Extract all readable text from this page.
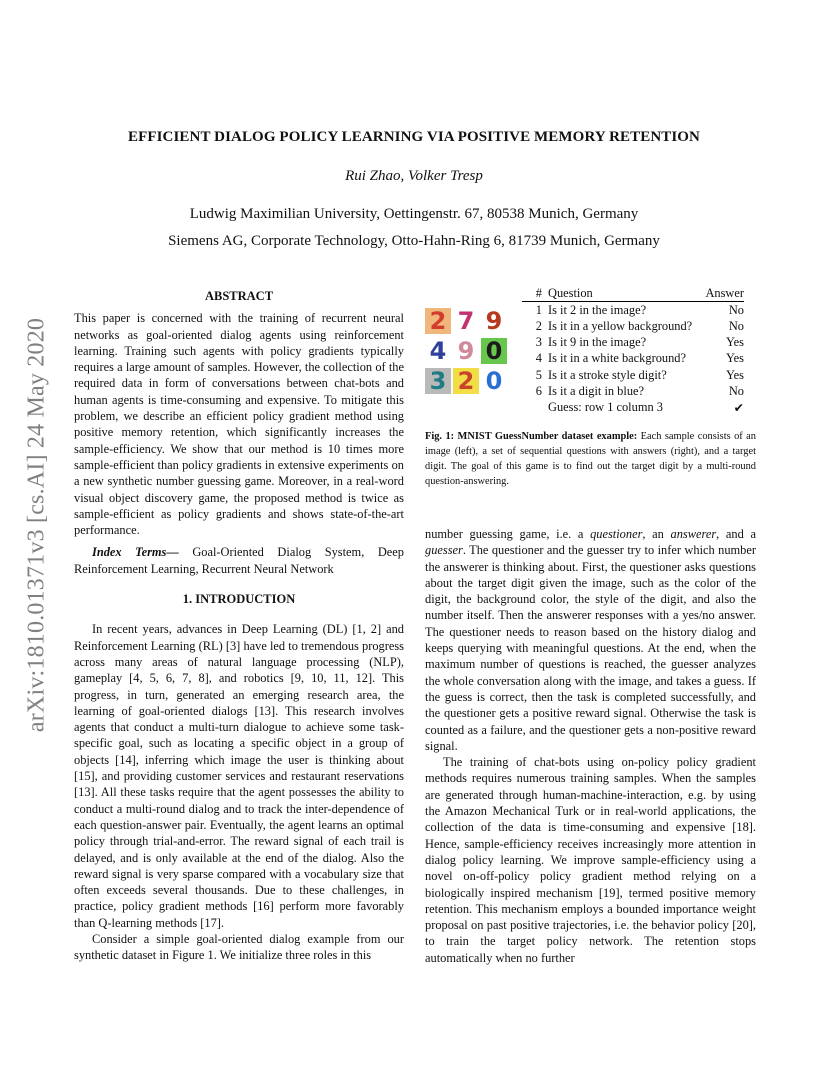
arXiv:1810.01371v3 [cs.AI] 24 May 2020
EFFICIENT DIALOG POLICY LEARNING VIA POSITIVE MEMORY RETENTION
Rui Zhao, Volker Tresp
Ludwig Maximilian University, Oettingenstr. 67, 80538 Munich, Germany
Siemens AG, Corporate Technology, Otto-Hahn-Ring 6, 81739 Munich, Germany

ABSTRACT

This paper is concerned with the training of recurrent neural networks as goal-oriented dialog agents using reinforcement learning. Training such agents with policy gradients typically requires a large amount of samples. However, the collection of the required data in form of conversations between chat-bots and human agents is time-consuming and expensive. To mitigate this problem, we describe an efficient policy gradient method using positive memory retention, which significantly increases the sample-efficiency. We show that our method is 10 times more sample-efficient than policy gradients in extensive experiments on a new synthetic number guessing game. Moreover, in a real-word visual object discovery game, the proposed method is twice as sample-efficient as policy gradients and shows state-of-the-art performance.

Index Terms— Goal-Oriented Dialog System, Deep Reinforcement Learning, Recurrent Neural Network

1. INTRODUCTION

In recent years, advances in Deep Learning (DL) [1, 2] and Reinforcement Learning (RL) [3] have led to tremendous progress across many areas of natural language processing (NLP), gameplay [4, 5, 6, 7, 8], and robotics [9, 10, 11, 12]. This progress, in turn, generated an emerging research area, the learning of goal-oriented dialogs [13]. This research involves agents that conduct a multi-turn dialogue to achieve some task-specific goal, such as locating a specific object in a group of objects [14], inferring which image the user is thinking about [15], and providing customer services and restaurant reservations [13]. All these tasks require that the agent possesses the ability to conduct a multi-round dialog and to track the inter-dependence of each question-answer pair. Eventually, the agent learns an optimal policy through trial-and-error. The reward signal of each trail is delayed, and is only available at the end of the dialog. Also the reward signal is very sparse compared with a vocabulary size that often exceeds several thousands. Due to these challenges, in practice, policy gradient methods [16] perform more favorably than Q-learning methods [17].

Consider a simple goal-oriented dialog example from our synthetic dataset in Figure 1. We initialize three roles in this

2 7 9
4 9 0
3 2 0
#	Question	Answer
1	Is it 2 in the image?	No
2	Is it in a yellow background?	No
3	Is it 9 in the image?	Yes
4	Is it in a white background?	Yes
5	Is it a stroke style digit?	Yes
6	Is it a digit in blue?	No
	Guess: row 1 column 3	✔
Fig. 1: MNIST GuessNumber dataset example: Each sample consists of an image (left), a set of sequential questions with answers (right), and a target digit. The goal of this game is to find out the target digit by a multi-round question-answering.

number guessing game, i.e. a questioner, an answerer, and a guesser. The questioner and the guesser try to infer which number the answerer is thinking about. First, the questioner asks questions about the target digit given the image, such as the color of the digit, the background color, the style of the digit, and also the number itself. Then the answerer responses with a yes/no answer. The questioner needs to reason based on the history dialog and keeps querying with meaningful questions. At the end, when the maximum number of questions is reached, the guesser analyzes the whole conversation along with the image, and takes a guess. If the guess is correct, then the task is completed successfully, and the questioner gets a positive reward signal. Otherwise the task is counted as a failure, and the questioner gets a non-positive reward signal.

The training of chat-bots using on-policy policy gradient methods requires numerous training samples. When the samples are generated through human-machine-interaction, e.g. by using the Amazon Mechanical Turk or in real-world applications, the collection of the data is time-consuming and expensive [18]. Hence, sample-efficiency receives increasingly more attention in dialog policy learning. We improve sample-efficiency using a novel on-off-policy policy gradient method relying on a biologically inspired mechanism [19], termed positive memory retention. This mechanism employs a bounded importance weight proposal on past positive trajectories, i.e. the behavior policy [20], to train the target policy network. The retention stops automatically when no further
